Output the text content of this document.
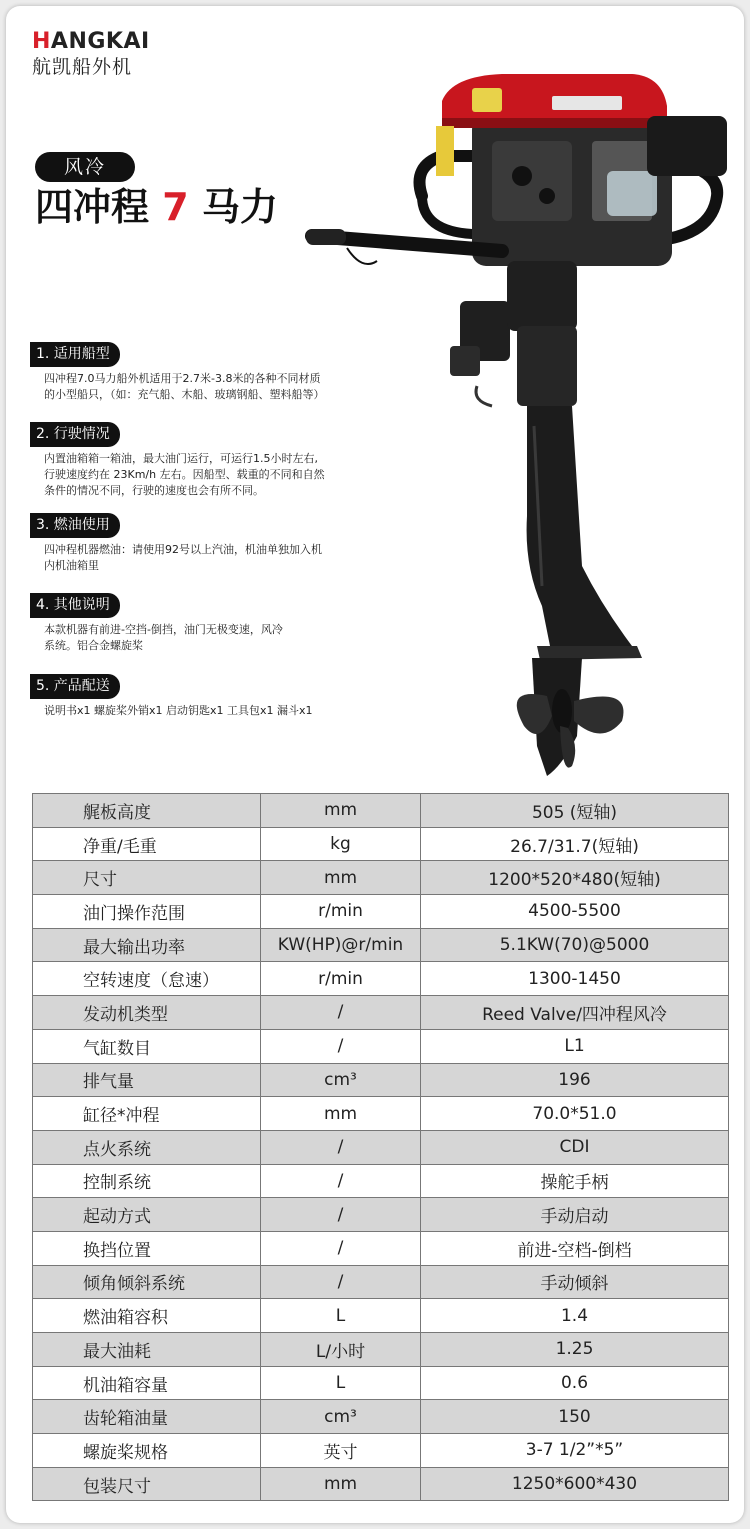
HANGKAI
航凯船外机
风冷
四冲程 7 马力
1. 适用船型
四冲程7.0马力船外机适用于2.7米-3.8米的各种不同材质
的小型船只，（如：充气船、木船、玻璃钢船、塑料船等）
2. 行驶情况
内置油箱箱一箱油，最大油门运行，可运行1.5小时左右,
行驶速度约在 23Km/h 左右。因船型、载重的不同和自然
条件的情况不同，行驶的速度也会有所不同。
3. 燃油使用
四冲程机器燃油：请使用92号以上汽油，机油单独加入机
内机油箱里
4. 其他说明
本款机器有前进-空挡-倒挡，油门无极变速，风冷
系统。铝合金螺旋桨
5. 产品配送
说明书x1 螺旋桨外销x1 启动钥匙x1 工具包x1 漏斗x1
艉板高度	mm	505 (短轴)
净重/毛重	kg	26.7/31.7(短轴)
尺寸	mm	1200*520*480(短轴)
油门操作范围	r/min	4500-5500
最大输出功率	KW(HP)@r/min	5.1KW(70)@5000
空转速度（怠速）	r/min	1300-1450
发动机类型	/	Reed Valve/四冲程风冷
气缸数目	/	L1
排气量	cm³	196
缸径*冲程	mm	70.0*51.0
点火系统	/	CDI
控制系统	/	操舵手柄
起动方式	/	手动启动
换挡位置	/	前进-空档-倒档
倾角倾斜系统	/	手动倾斜
燃油箱容积	L	1.4
最大油耗	L/小时	1.25
机油箱容量	L	0.6
齿轮箱油量	cm³	150
螺旋桨规格	英寸	3-7 1/2”*5”
包装尺寸	mm	1250*600*430
